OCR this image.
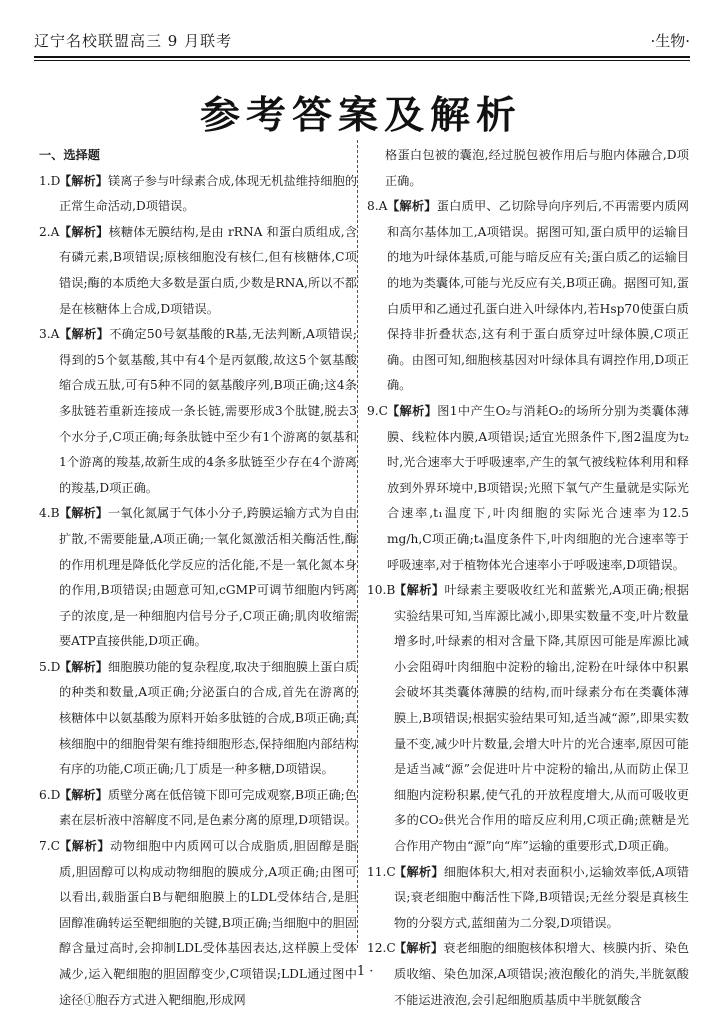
辽宁名校联盟高三 9 月联考	·生物·
参考答案及解析
一、选择题
1.D
【解析】镁离子参与叶绿素合成,体现无机盐维持细胞的正常生命活动,D项错误。
2.A 【解析】核糖体无膜结构,是由 rRNA 和蛋白质组成,含有磷元素,B项错误;原核细胞没有核仁,但有核糖体,C项错误;酶的本质绝大多数是蛋白质,少数是RNA,所以不都是在核糖体上合成,D项错误。
3.A 【解析】不确定50号氨基酸的R基,无法判断,A项错误;得到的5个氨基酸,其中有4个是丙氨酸,故这5个氨基酸缩合成五肽,可有5种不同的氨基酸序列,B项正确;这4条多肽链若重新连接成一条长链,需要形成3个肽键,脱去3个水分子,C项正确;每条肽链中至少有1个游离的氨基和1个游离的羧基,故新生成的4条多肽链至少存在4个游离的羧基,D项正确。
4.B 【解析】一氧化氮属于气体小分子,跨膜运输方式为自由扩散,不需要能量,A项正确;一氧化氮激活相关酶活性,酶的作用机理是降低化学反应的活化能,不是一氧化氮本身的作用,B项错误;由题意可知,cGMP可调节细胞内钙离子的浓度,是一种细胞内信号分子,C项正确;肌肉收缩需要ATP直接供能,D项正确。
5.D
【解析】细胞膜功能的复杂程度,取决于细胞膜上蛋白质的种类和数量,A项正确;分泌蛋白的合成,首先在游离的核糖体中以氨基酸为原料开始多肽链的合成,B项正确;真核细胞中的细胞骨架有维持细胞形态,保持细胞内部结构有序的功能,C项正确;几丁质是一种多糖,D项错误。
6.D
【解析】质壁分离在低倍镜下即可完成观察,B项正确;色素在层析液中溶解度不同,是色素分离的原理,D项错误。
7.C 【解析】动物细胞中内质网可以合成脂质,胆固醇是脂质,胆固醇可以构成动物细胞的膜成分,A项正确;由图可以看出,载脂蛋白B与靶细胞膜上的LDL受体结合,是胆固醇准确转运至靶细胞的关键,B项正确;当细胞中的胆固醇含量过高时,会抑制LDL受体基因表达,这样膜上受体减少,运入靶细胞的胆固醇变少,C项错误;LDL通过图中途径①胞吞方式进入靶细胞,形成网
格蛋白包被的囊泡,经过脱包被作用后与胞内体融合,D项正确。
8.A 【解析】蛋白质甲、乙切除导向序列后,不再需要内质网和高尔基体加工,A项错误。据图可知,蛋白质甲的运输目的地为叶绿体基质,可能与暗反应有关;蛋白质乙的运输目的地为类囊体,可能与光反应有关,B项正确。据图可知,蛋白质甲和乙通过孔蛋白进入叶绿体内,若Hsp70使蛋白质保持非折叠状态,这有利于蛋白质穿过叶绿体膜,C项正确。由图可知,细胞核基因对叶绿体具有调控作用,D项正确。
9.C 【解析】图1中产生O₂与消耗O₂的场所分别为类囊体薄膜、线粒体内膜,A项错误;适宜光照条件下,图2温度为t₂时,光合速率大于呼吸速率,产生的氧气被线粒体利用和释放到外界环境中,B项错误;光照下氧气产生量就是实际光合速率,t₁温度下,叶肉细胞的实际光合速率为12.5 mg/h,C项正确;t₄温度条件下,叶肉细胞的光合速率等于呼吸速率,对于植物体光合速率小于呼吸速率,D项错误。
10.B
【解析】叶绿素主要吸收红光和蓝紫光,A项正确;根据实验结果可知,当库源比减小,即果实数量不变,叶片数量增多时,叶绿素的相对含量下降,其原因可能是库源比减小会阻碍叶肉细胞中淀粉的输出,淀粉在叶绿体中积累会破坏其类囊体薄膜的结构,而叶绿素分布在类囊体薄膜上,B项错误;根据实验结果可知,适当减“源”,即果实数量不变,减少叶片数量,会增大叶片的光合速率,原因可能是适当减“源”会促进叶片中淀粉的输出,从而防止保卫细胞内淀粉积累,使气孔的开放程度增大,从而可吸收更多的CO₂供光合作用的暗反应利用,C项正确;蔗糖是光合作用产物由“源”向“库”运输的重要形式,D项正确。
11.C
【解析】细胞体积大,相对表面积小,运输效率低,A项错误;衰老细胞中酶活性下降,B项错误;无丝分裂是真核生物的分裂方式,蓝细菌为二分裂,D项错误。
12.C
【解析】衰老细胞的细胞核体积增大、核膜内折、染色质收缩、染色加深,A项错误;液泡酸化的消失,半胱氨酸不能运进液泡,会引起细胞质基质中半胱氨酸含
· 1 ·
